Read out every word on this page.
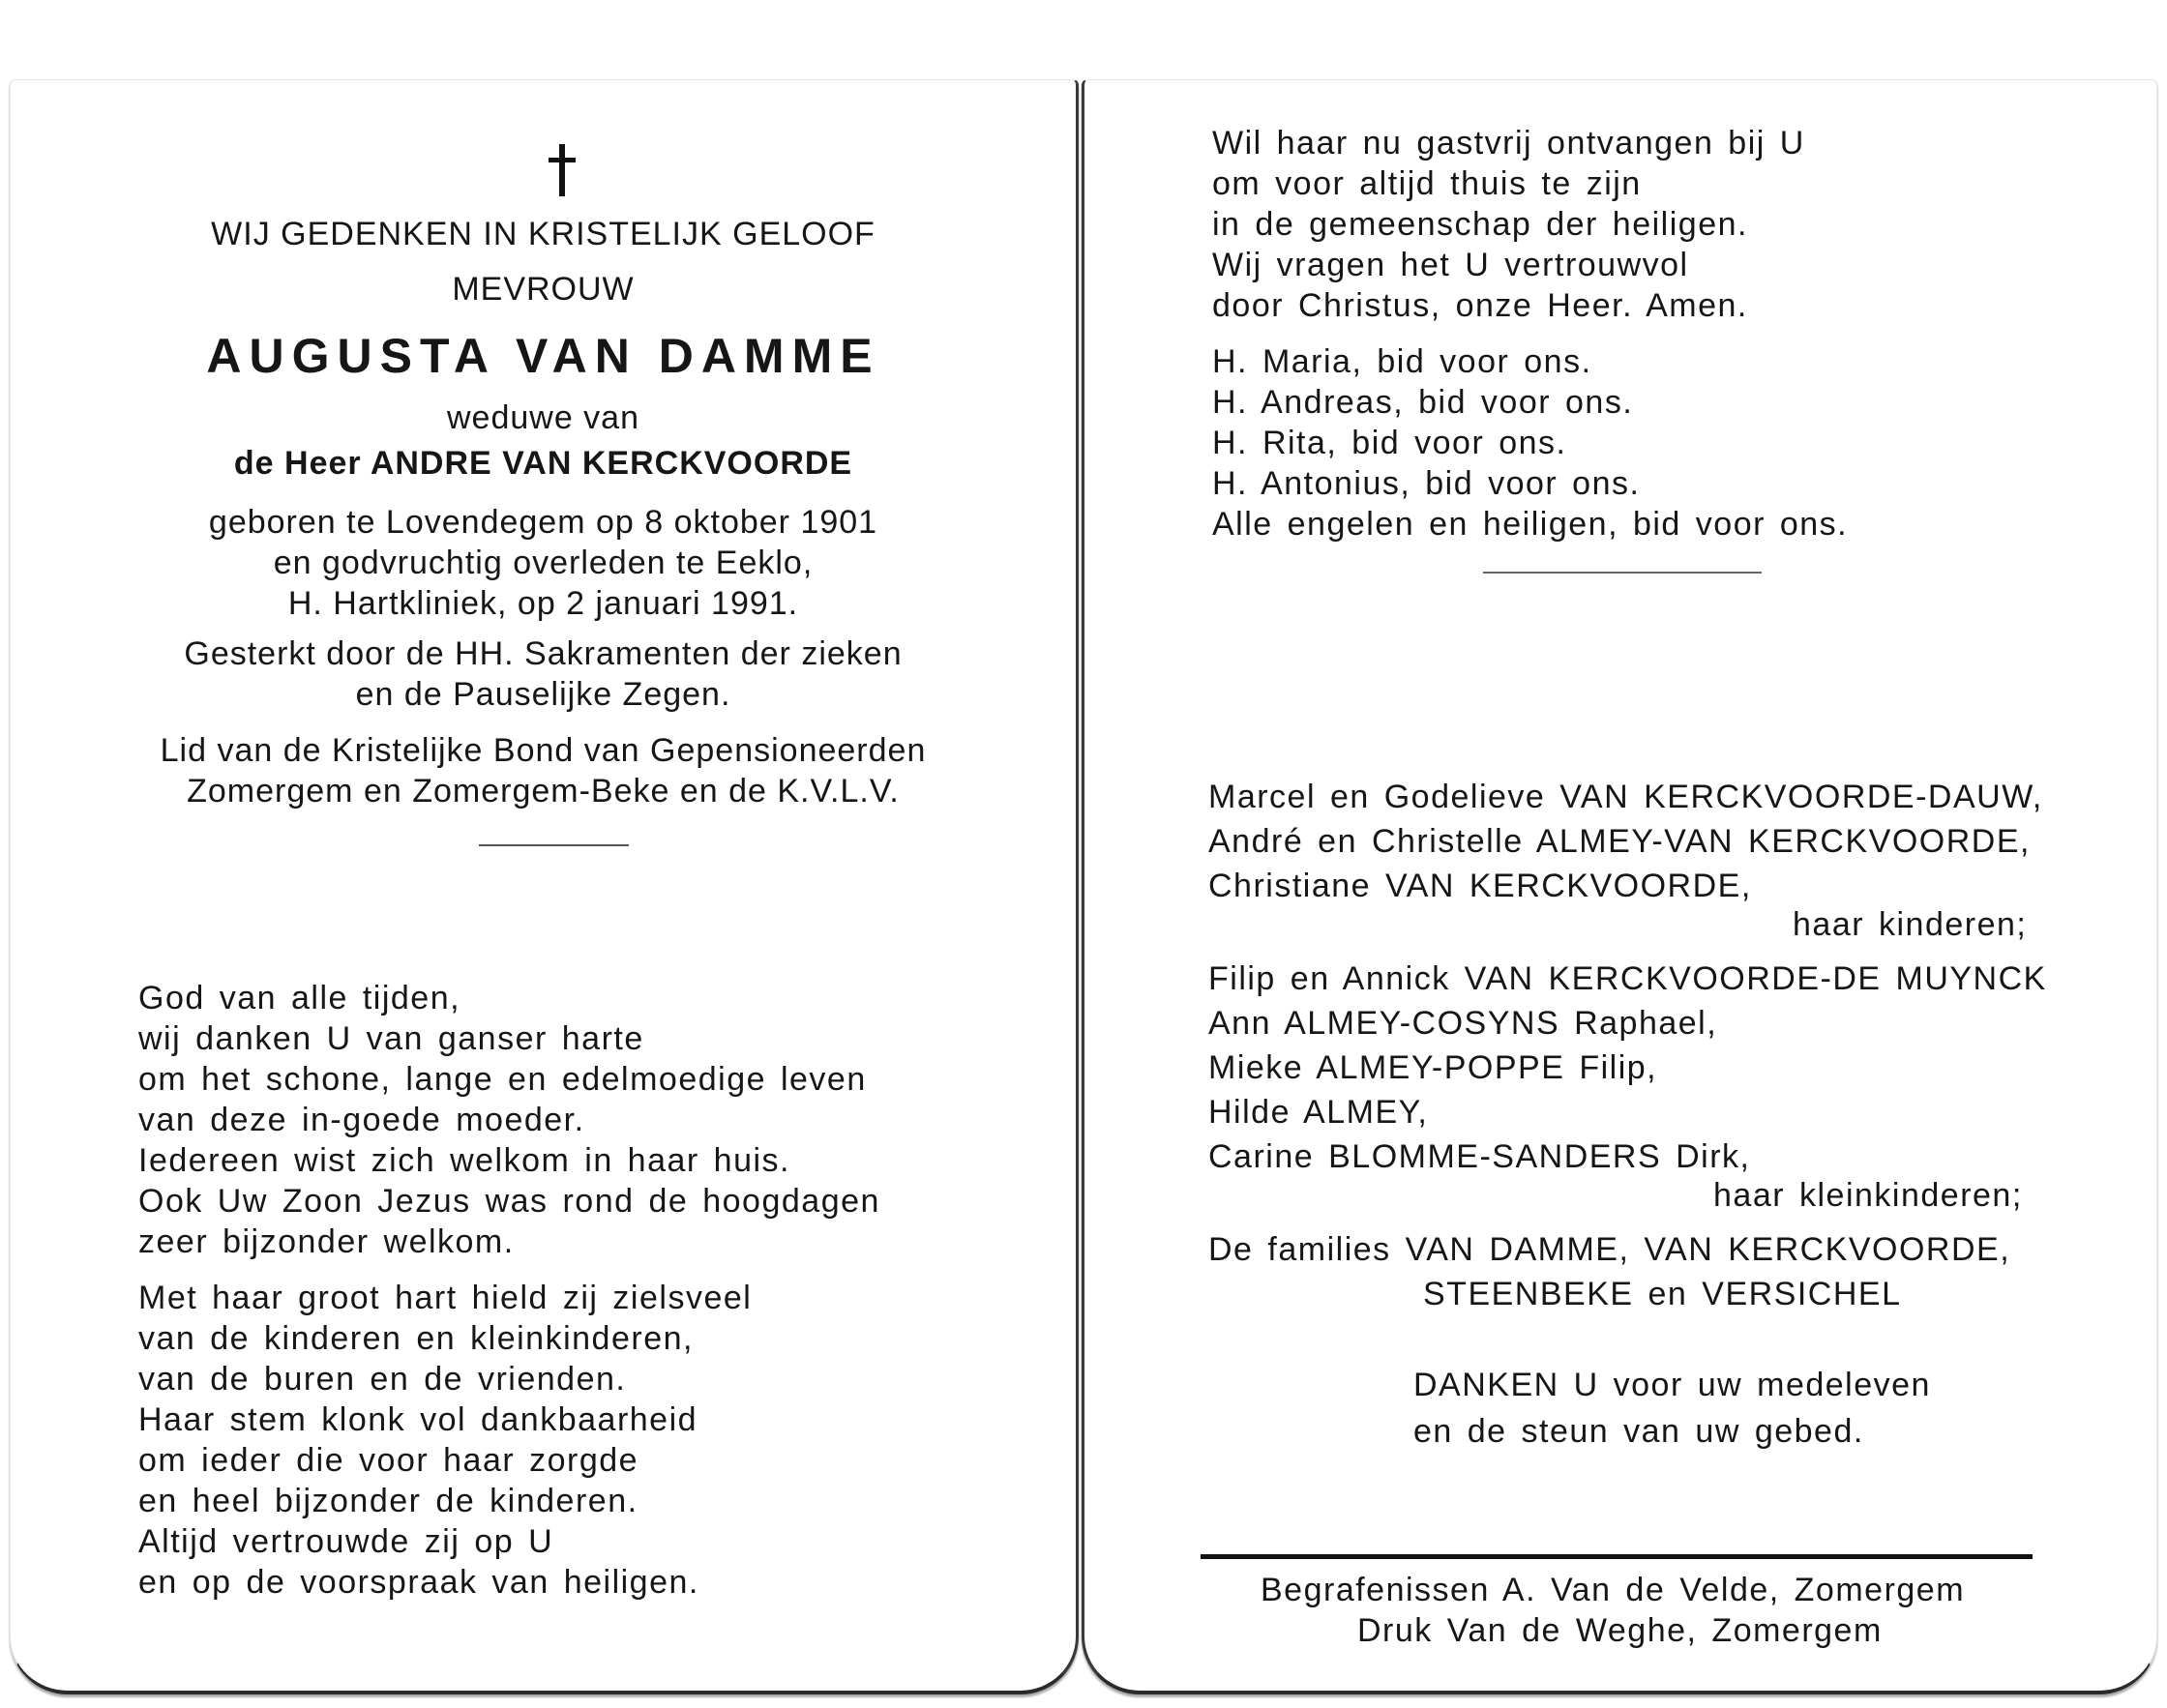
WIJ GEDENKEN IN KRISTELIJK GELOOF
MEVROUW
AUGUSTA VAN DAMME
weduwe van
de Heer ANDRE VAN KERCKVOORDE
geboren te Lovendegem op 8 oktober 1901
en godvruchtig overleden te Eeklo,
H. Hartkliniek, op 2 januari 1991.
Gesterkt door de HH. Sakramenten der zieken
en de Pauselijke Zegen.
Lid van de Kristelijke Bond van Gepensioneerden
Zomergem en Zomergem-Beke en de K.V.L.V.
God van alle tijden,
wij danken U van ganser harte
om het schone, lange en edelmoedige leven
van deze in-goede moeder.
Iedereen wist zich welkom in haar huis.
Ook Uw Zoon Jezus was rond de hoogdagen
zeer bijzonder welkom.
Met haar groot hart hield zij zielsveel
van de kinderen en kleinkinderen,
van de buren en de vrienden.
Haar stem klonk vol dankbaarheid
om ieder die voor haar zorgde
en heel bijzonder de kinderen.
Altijd vertrouwde zij op U
en op de voorspraak van heiligen.
Wil haar nu gastvrij ontvangen bij U
om voor altijd thuis te zijn
in de gemeenschap der heiligen.
Wij vragen het U vertrouwvol
door Christus, onze Heer. Amen.
H. Maria, bid voor ons.
H. Andreas, bid voor ons.
H. Rita, bid voor ons.
H. Antonius, bid voor ons.
Alle engelen en heiligen, bid voor ons.
Marcel en Godelieve VAN KERCKVOORDE-DAUW,
André en Christelle ALMEY-VAN KERCKVOORDE,
Christiane VAN KERCKVOORDE,
haar kinderen;
Filip en Annick VAN KERCKVOORDE-DE MUYNCK
Ann ALMEY-COSYNS Raphael,
Mieke ALMEY-POPPE Filip,
Hilde ALMEY,
Carine BLOMME-SANDERS Dirk,
haar kleinkinderen;
De families VAN DAMME, VAN KERCKVOORDE,
STEENBEKE en VERSICHEL
DANKEN U voor uw medeleven
en de steun van uw gebed.
Begrafenissen A. Van de Velde, Zomergem
Druk Van de Weghe, Zomergem
